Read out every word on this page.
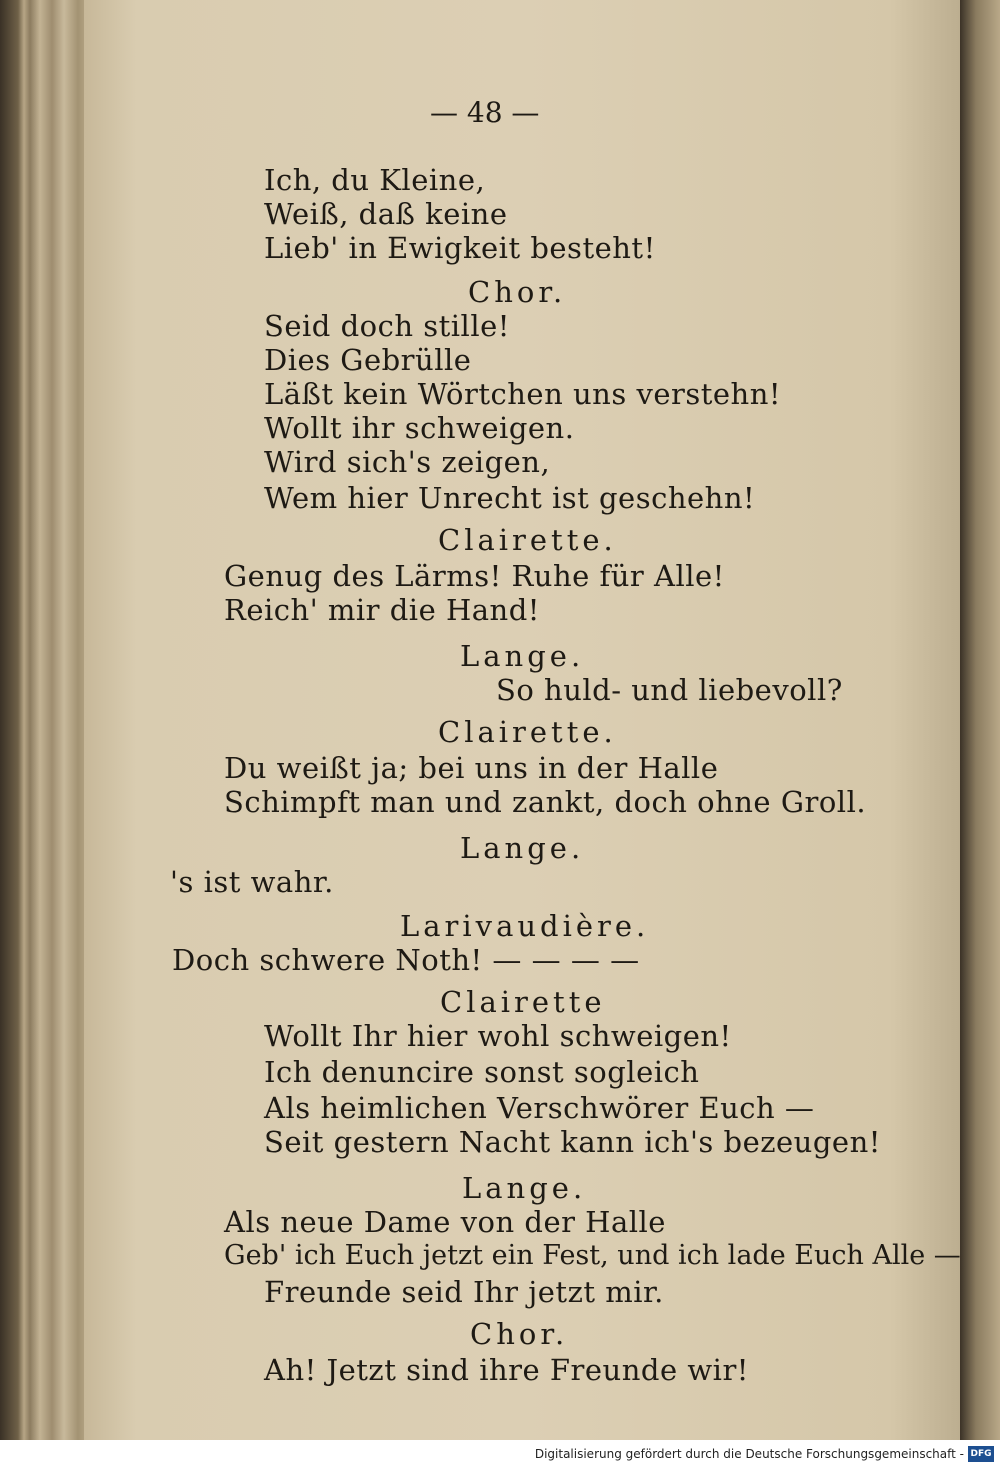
— 48 —
Ich, du Kleine,
Weiß, daß keine
Lieb' in Ewigkeit besteht!
Chor.
Seid doch stille!
Dies Gebrülle
Läßt kein Wörtchen uns verstehn!
Wollt ihr schweigen.
Wird sich's zeigen,
Wem hier Unrecht ist geschehn!
Clairette.
Genug des Lärms! Ruhe für Alle!
Reich' mir die Hand!
Lange.
So huld- und liebevoll?
Clairette.
Du weißt ja; bei uns in der Halle
Schimpft man und zankt, doch ohne Groll.
Lange.
's ist wahr.
Larivaudière.
Doch schwere Noth! — — — —
Clairette
Wollt Ihr hier wohl schweigen!
Ich denuncire sonst sogleich
Als heimlichen Verschwörer Euch —
Seit gestern Nacht kann ich's bezeugen!
Lange.
Als neue Dame von der Halle
Geb' ich Euch jetzt ein Fest, und ich lade Euch Alle —
Freunde seid Ihr jetzt mir.
Chor.
Ah! Jetzt sind ihre Freunde wir!
Digitalisierung gefördert durch die Deutsche Forschungsgemeinschaft - DFG
